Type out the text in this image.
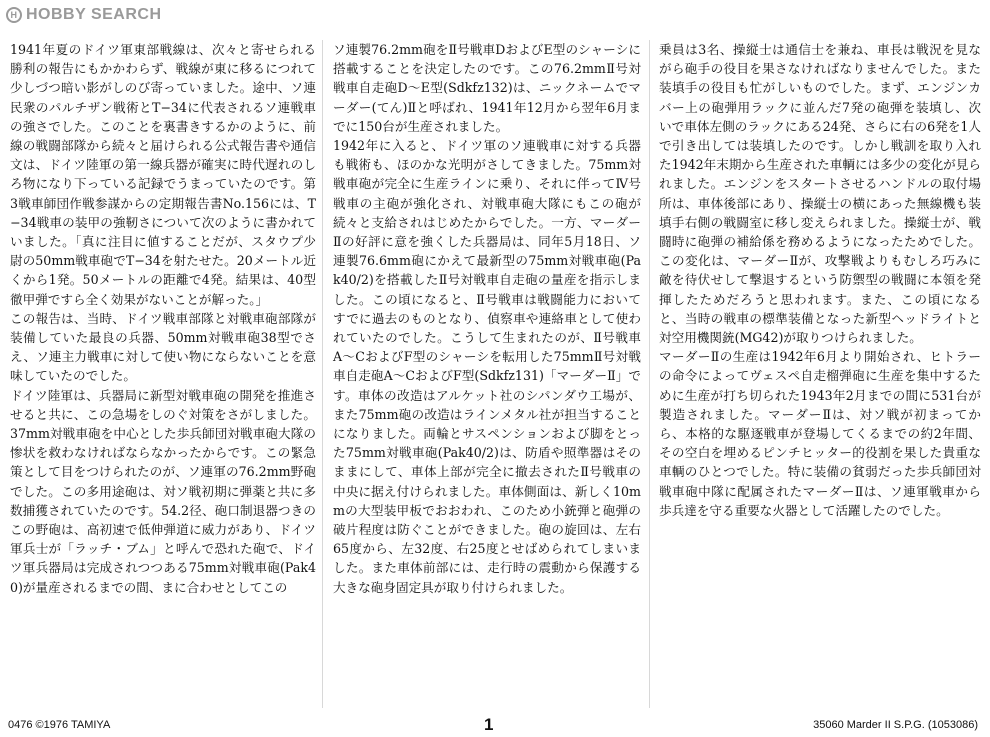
H HOBBY SEARCH

1941年夏のドイツ軍東部戦線は、次々と寄せられる勝利の報告にもかかわらず、戦線が東に移るにつれて少しづつ暗い影がしのび寄っていました。途中、ソ連民衆のパルチザン戦術とT−34に代表されるソ連戦車の強さでした。このことを裏書きするかのように、前線の戦闘部隊から続々と届けられる公式報告書や通信文は、ドイツ陸軍の第一線兵器が確実に時代遅れのしろ物になり下っている記録でうまっていたのです。第3戦車師団作戦参謀からの定期報告書No.156には、T−34戦車の装甲の強靭さについて次のように書かれていました。「真に注目に値することだが、スタウプ少尉の50mm戦車砲でT−34を射たせた。20メートル近くから1発。50メートルの距離で4発。結果は、40型徹甲弾ですら全く効果がないことが解った。」

この報告は、当時、ドイツ戦車部隊と対戦車砲部隊が装備していた最良の兵器、50mm対戦車砲38型でさえ、ソ連主力戦車に対して使い物にならないことを意味していたのでした。

ドイツ陸軍は、兵器局に新型対戦車砲の開発を推進させると共に、この急場をしのぐ対策をさがしました。37mm対戦車砲を中心とした歩兵師団対戦車砲大隊の惨状を救わなければならなかったからです。この緊急策として目をつけられたのが、ソ連軍の76.2mm野砲でした。この多用途砲は、対ソ戦初期に弾薬と共に多数捕獲されていたのです。54.2径、砲口制退器つきのこの野砲は、高初速で低伸弾道に威力があり、ドイツ軍兵士が「ラッチ・ブム」と呼んで恐れた砲で、ドイツ軍兵器局は完成されつつある75mm対戦車砲(Pak40)が量産されるまでの間、まに合わせとしてこの

ソ連製76.2mm砲をⅡ号戦車DおよびE型のシャーシに搭載することを決定したのです。この76.2mmⅡ号対戦車自走砲D〜E型(Sdkfz132)は、ニックネームでマーダー(てん)Ⅱと呼ばれ、1941年12月から翌年6月までに150台が生産されました。

1942年に入ると、ドイツ軍のソ連戦車に対する兵器も戦術も、ほのかな光明がさしてきました。75mm対戦車砲が完全に生産ラインに乗り、それに伴ってⅣ号戦車の主砲が強化され、対戦車砲大隊にもこの砲が続々と支給されはじめたからでした。一方、マーダーⅡの好評に意を強くした兵器局は、同年5月18日、ソ連製76.6mm砲にかえて最新型の75mm対戦車砲(Pak40/2)を搭載したⅡ号対戦車自走砲の量産を指示しました。この頃になると、Ⅱ号戦車は戦闘能力においてすでに過去のものとなり、偵察車や連絡車として使われていたのでした。こうして生まれたのが、Ⅱ号戦車A〜CおよびF型のシャーシを転用した75mmⅡ号対戦車自走砲A〜CおよびF型(Sdkfz131)「マーダーⅡ」です。車体の改造はアルケット社のシパンダウ工場が、また75mm砲の改造はラインメタル社が担当することになりました。両輪とサスペンションおよび脚をとった75mm対戦車砲(Pak40/2)は、防盾や照準器はそのままにして、車体上部が完全に撤去されたⅡ号戦車の中央に据え付けられました。車体側面は、新しく10mmの大型装甲板でおおわれ、このため小銃弾と砲弾の破片程度は防ぐことができました。砲の旋回は、左右65度から、左32度、右25度とせばめられてしまいました。また車体前部には、走行時の震動から保護する大きな砲身固定具が取り付けられました。

乗員は3名、操縦士は通信士を兼ね、車長は戦況を見ながら砲手の役目を果さなければなりませんでした。また装填手の役目も忙がしいものでした。まず、エンジンカバー上の砲弾用ラックに並んだ7発の砲弾を装填し、次いで車体左側のラックにある24発、さらに右の6発を1人で引き出しては装填したのです。しかし戦訓を取り入れた1942年末期から生産された車輌には多少の変化が見られました。エンジンをスタートさせるハンドルの取付場所は、車体後部にあり、操縦士の横にあった無線機も装填手右側の戦闘室に移し変えられました。操縦士が、戦闘時に砲弾の補給係を務めるようになったためでした。この変化は、マーダーⅡが、攻撃戦よりもむしろ巧みに敵を待伏せして撃退するという防禦型の戦闘に本領を発揮したためだろうと思われます。また、この頃になると、当時の戦車の標準装備となった新型ヘッドライトと対空用機関銃(MG42)が取りつけられました。

マーダーⅡの生産は1942年6月より開始され、ヒトラーの命令によってヴェスペ自走榴弾砲に生産を集中するために生産が打ち切られた1943年2月までの間に531台が製造されました。マーダーⅡは、対ソ戦が初まってから、本格的な駆逐戦車が登場してくるまでの約2年間、その空白を埋めるピンチヒッター的役割を果した貴重な車輌のひとつでした。特に装備の貧弱だった歩兵師団対戦車砲中隊に配属されたマーダーⅡは、ソ連軍戦車から歩兵達を守る重要な火器として活躍したのでした。

0476 ©1976 TAMIYA	1	35060 Marder II S.P.G. (1053086)
